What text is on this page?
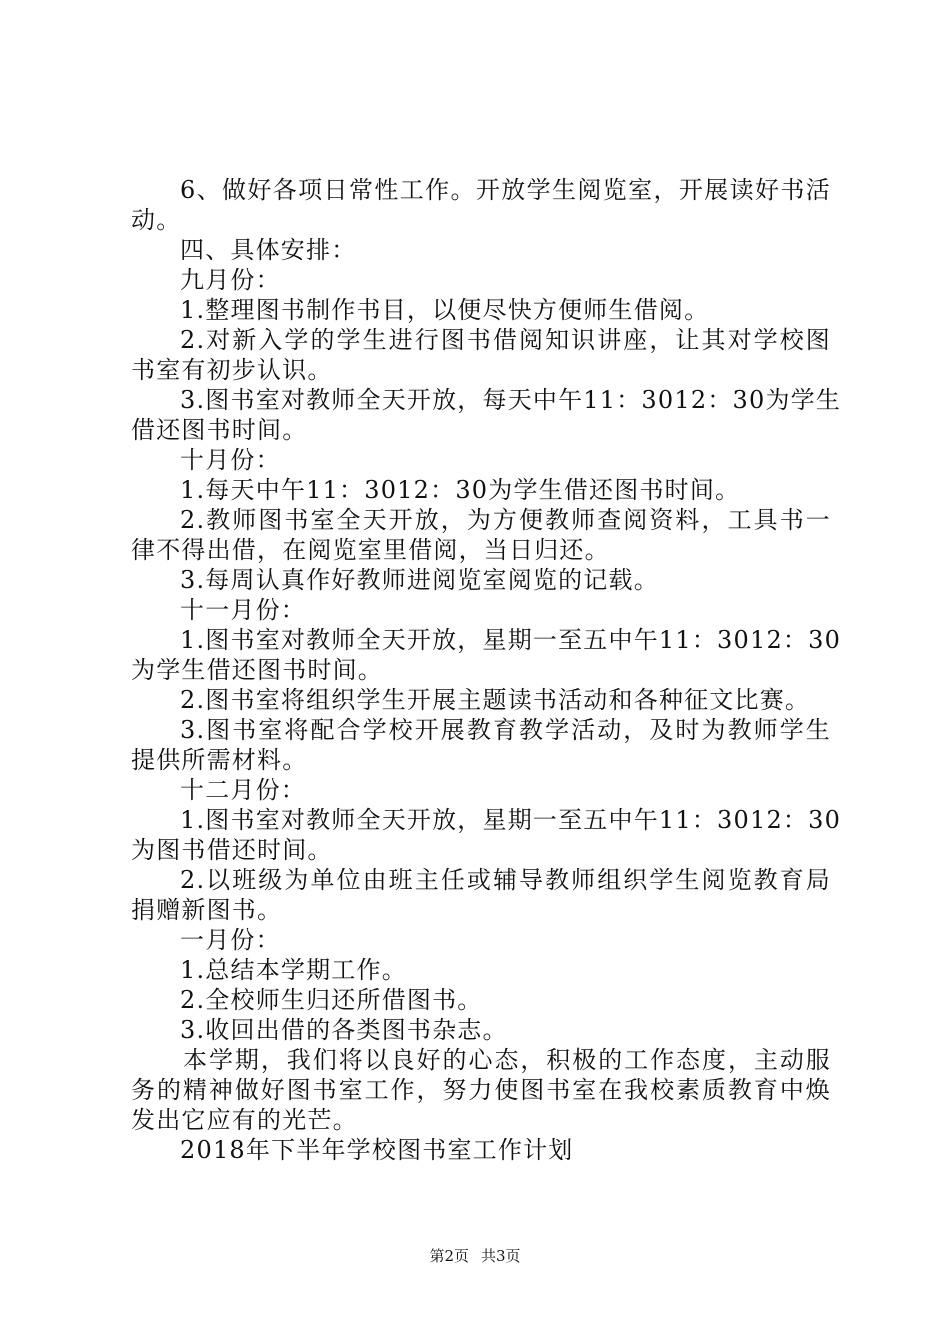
6、做好各项日常性工作。开放学生阅览室，开展读好书活
动。
四、具体安排：
九月份：
1.整理图书制作书目，以便尽快方便师生借阅。
2.对新入学的学生进行图书借阅知识讲座，让其对学校图
书室有初步认识。
3.图书室对教师全天开放，每天中午11：3012：30为学生
借还图书时间。
十月份：
1.每天中午11：3012：30为学生借还图书时间。
2.教师图书室全天开放，为方便教师查阅资料，工具书一
律不得出借，在阅览室里借阅，当日归还。
3.每周认真作好教师进阅览室阅览的记载。
十一月份：
1.图书室对教师全天开放，星期一至五中午11：3012：30
为学生借还图书时间。
2.图书室将组织学生开展主题读书活动和各种征文比赛。
3.图书室将配合学校开展教育教学活动，及时为教师学生
提供所需材料。
十二月份：
1.图书室对教师全天开放，星期一至五中午11：3012：30
为图书借还时间。
2.以班级为单位由班主任或辅导教师组织学生阅览教育局
捐赠新图书。
一月份：
1.总结本学期工作。
2.全校师生归还所借图书。
3.收回出借的各类图书杂志。
本学期，我们将以良好的心态，积极的工作态度，主动服
务的精神做好图书室工作，努力使图书室在我校素质教育中焕
发出它应有的光芒。
2018年下半年学校图书室工作计划
第2页 共3页
